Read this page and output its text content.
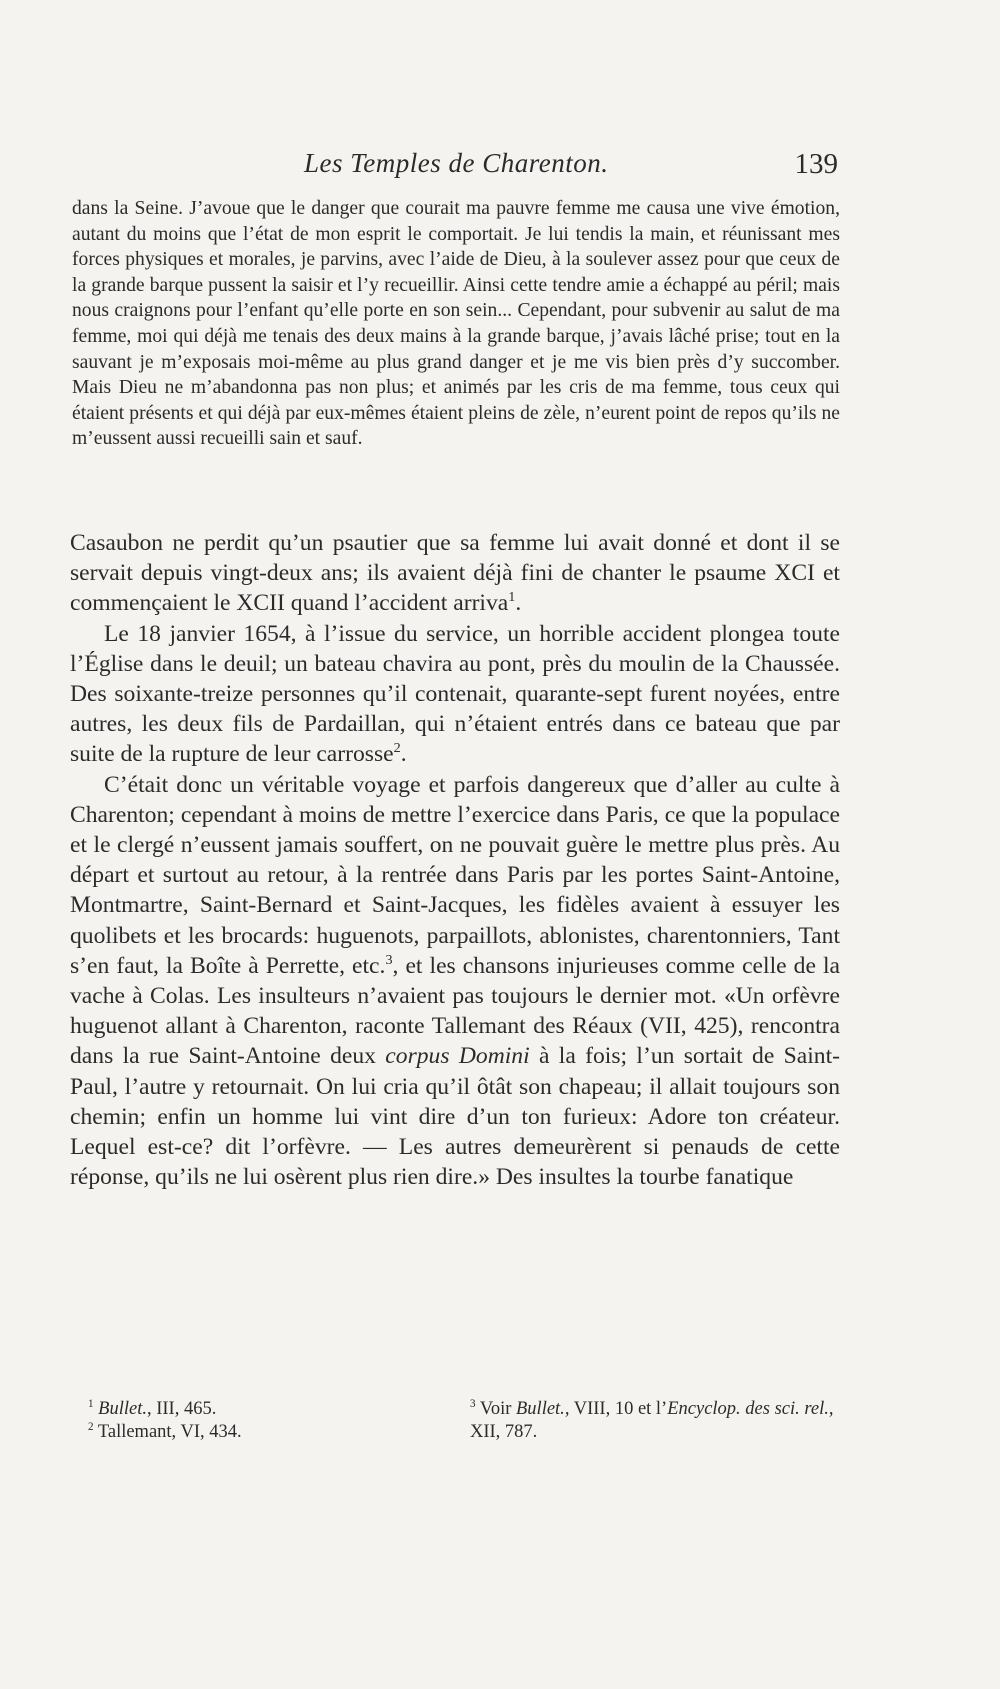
Les Temples de Charenton.	139

dans la Seine. J’avoue que le danger que courait ma pauvre femme me causa une vive émotion, autant du moins que l’état de mon esprit le comportait. Je lui tendis la main, et réunissant mes forces physiques et morales, je parvins, avec l’aide de Dieu, à la soulever assez pour que ceux de la grande barque pussent la saisir et l’y recueillir. Ainsi cette tendre amie a échappé au péril; mais nous craignons pour l’enfant qu’elle porte en son sein... Cependant, pour subvenir au salut de ma femme, moi qui déjà me tenais des deux mains à la grande barque, j’avais lâché prise; tout en la sauvant je m’exposais moi-même au plus grand danger et je me vis bien près d’y succomber. Mais Dieu ne m’abandonna pas non plus; et animés par les cris de ma femme, tous ceux qui étaient présents et qui déjà par eux-mêmes étaient pleins de zèle, n’eurent point de repos qu’ils ne m’eussent aussi recueilli sain et sauf.

Casaubon ne perdit qu’un psautier que sa femme lui avait donné et dont il se servait depuis vingt-deux ans; ils avaient déjà fini de chanter le psaume XCI et commençaient le XCII quand l’accident arriva$^1$.

Le 18 janvier 1654, à l’issue du service, un horrible accident plongea toute l’Église dans le deuil; un bateau chavira au pont, près du moulin de la Chaussée. Des soixante-treize personnes qu’il contenait, quarante-sept furent noyées, entre autres, les deux fils de Pardaillan, qui n’étaient entrés dans ce bateau que par suite de la rupture de leur carrosse$^2$.

C’était donc un véritable voyage et parfois dangereux que d’aller au culte à Charenton; cependant à moins de mettre l’exercice dans Paris, ce que la populace et le clergé n’eussent jamais souffert, on ne pouvait guère le mettre plus près. Au départ et surtout au retour, à la rentrée dans Paris par les portes Saint-Antoine, Montmartre, Saint-Bernard et Saint-Jacques, les fidèles avaient à essuyer les quolibets et les brocards: huguenots, parpaillots, ablonistes, charentonniers, Tant s’en faut, la Boîte à Perrette, etc.$^3$, et les chansons injurieuses comme celle de la vache à Colas. Les insulteurs n’avaient pas toujours le dernier mot. «Un orfèvre huguenot allant à Charenton, raconte Tallemant des Réaux (VII, 425), rencontra dans la rue Saint-Antoine deux corpus Domini à la fois; l’un sortait de Saint-Paul, l’autre y retournait. On lui cria qu’il ôtât son chapeau; il allait toujours son chemin; enfin un homme lui vint dire d’un ton furieux: Adore ton créateur. Lequel est-ce? dit l’orfèvre. — Les autres demeurèrent si penauds de cette réponse, qu’ils ne lui osèrent plus rien dire.» Des insultes la tourbe fanatique

$^1$ Bullet., III, 465.

$^2$ Tallemant, VI, 434.

$^3$ Voir Bullet., VIII, 10 et l’Encyclop. des sci. rel., XII, 787.
